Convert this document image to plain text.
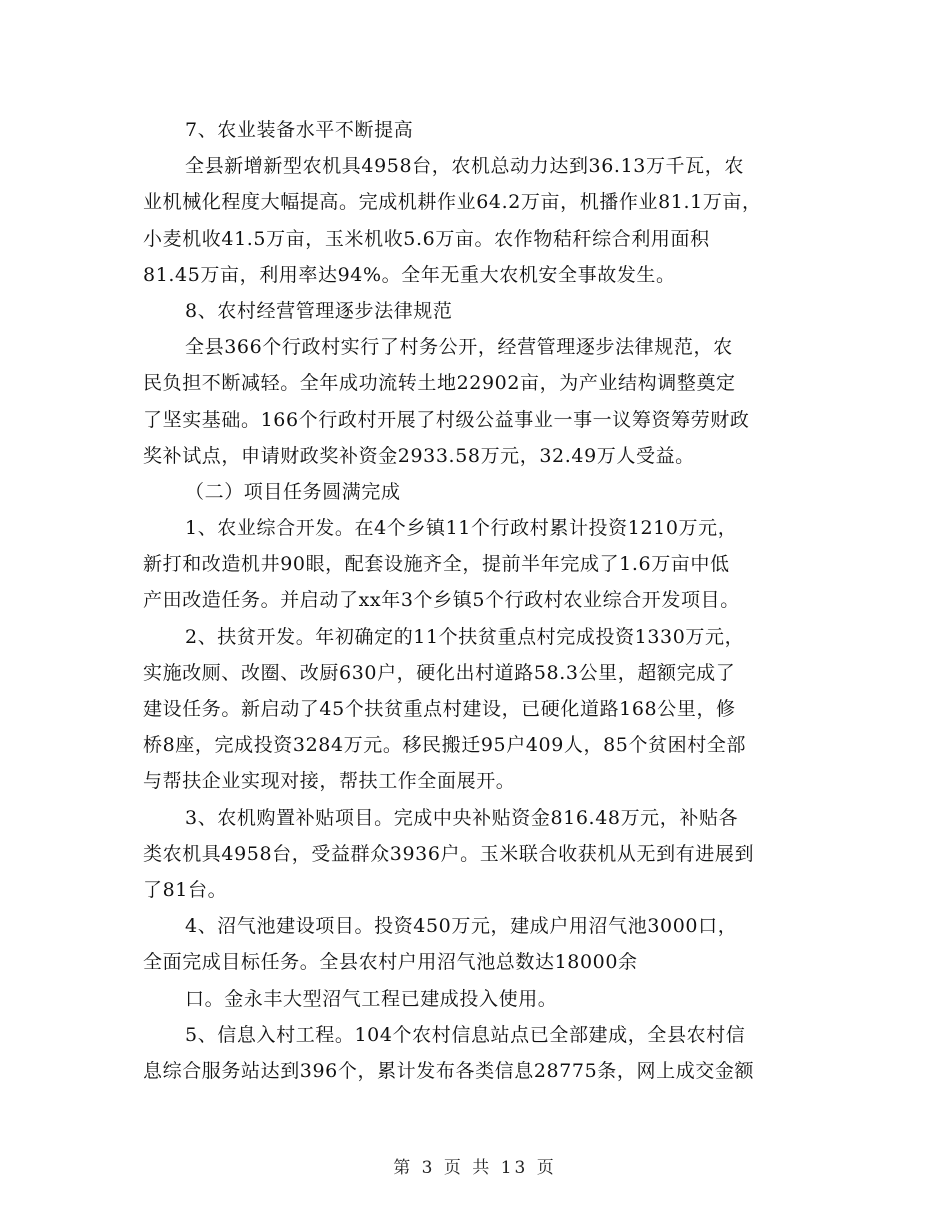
7、农业装备水平不断提高
全县新增新型农机具4958台，农机总动力达到36.13万千瓦，农
业机械化程度大幅提高。完成机耕作业64.2万亩，机播作业81.1万亩，
小麦机收41.5万亩，玉米机收5.6万亩。农作物秸秆综合利用面积
81.45万亩，利用率达94%。全年无重大农机安全事故发生。
8、农村经营管理逐步法律规范
全县366个行政村实行了村务公开，经营管理逐步法律规范，农
民负担不断减轻。全年成功流转土地22902亩，为产业结构调整奠定
了坚实基础。166个行政村开展了村级公益事业一事一议筹资筹劳财政
奖补试点，申请财政奖补资金2933.58万元，32.49万人受益。
（二）项目任务圆满完成
1、农业综合开发。在4个乡镇11个行政村累计投资1210万元，
新打和改造机井90眼，配套设施齐全，提前半年完成了1.6万亩中低
产田改造任务。并启动了xx年3个乡镇5个行政村农业综合开发项目。
2、扶贫开发。年初确定的11个扶贫重点村完成投资1330万元，
实施改厕、改圈、改厨630户，硬化出村道路58.3公里，超额完成了
建设任务。新启动了45个扶贫重点村建设，已硬化道路168公里，修
桥8座，完成投资3284万元。移民搬迁95户409人，85个贫困村全部
与帮扶企业实现对接，帮扶工作全面展开。
3、农机购置补贴项目。完成中央补贴资金816.48万元，补贴各
类农机具4958台，受益群众3936户。玉米联合收获机从无到有进展到
了81台。
4、沼气池建设项目。投资450万元，建成户用沼气池3000口，
全面完成目标任务。全县农村户用沼气池总数达18000余
口。金永丰大型沼气工程已建成投入使用。
5、信息入村工程。104个农村信息站点已全部建成，全县农村信
息综合服务站达到396个，累计发布各类信息28775条，网上成交金额
第 3 页 共 13 页
